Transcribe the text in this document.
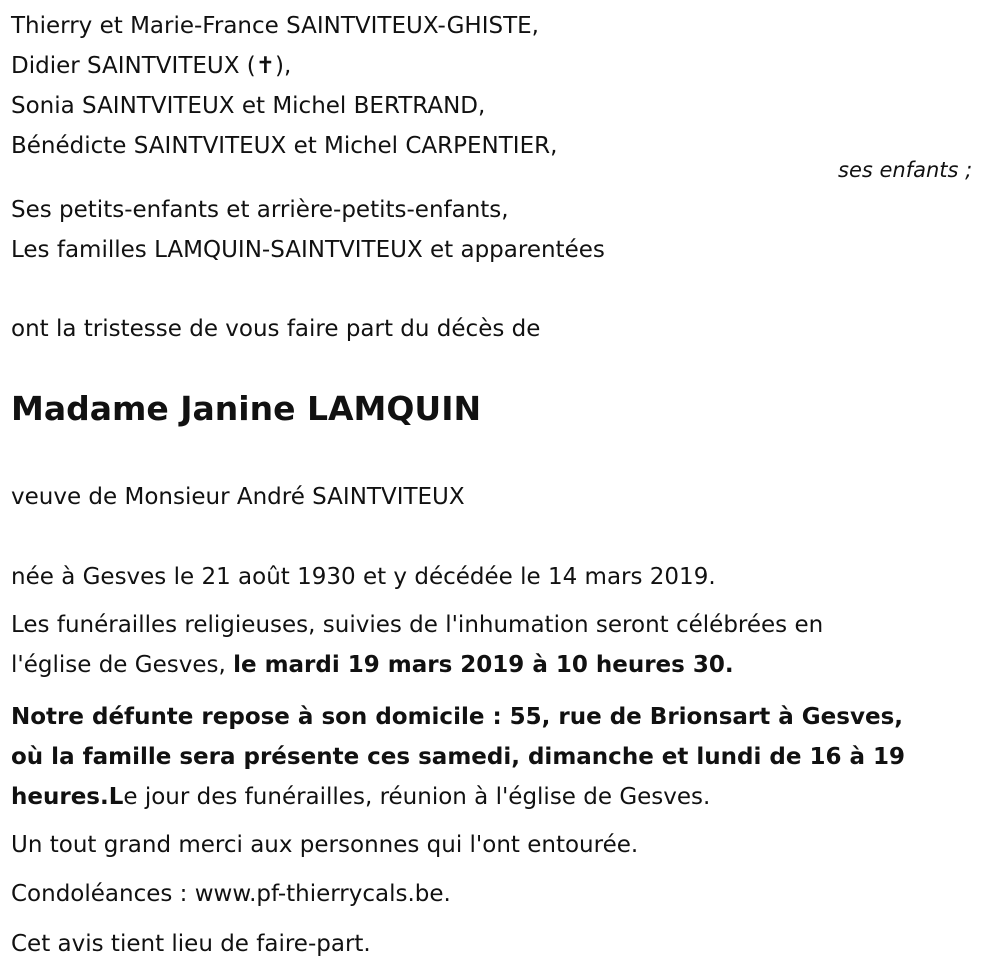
Thierry et Marie-France SAINTVITEUX-GHISTE,

Didier SAINTVITEUX (✝),

Sonia SAINTVITEUX et Michel BERTRAND,

Bénédicte SAINTVITEUX et Michel CARPENTIER,

ses enfants ;

Ses petits-enfants et arrière-petits-enfants,

Les familles LAMQUIN-SAINTVITEUX et apparentées

ont la tristesse de vous faire part du décès de

Madame Janine LAMQUIN

veuve de Monsieur André SAINTVITEUX

née à Gesves le 21 août 1930 et y décédée le 14 mars 2019.

Les funérailles religieuses, suivies de l'inhumation seront célébrées en

l'église de Gesves, le mardi 19 mars 2019 à 10 heures 30.

Notre défunte repose à son domicile : 55, rue de Brionsart à Gesves,

où la famille sera présente ces samedi, dimanche et lundi de 16 à 19

heures.Le jour des funérailles, réunion à l'église de Gesves.

Un tout grand merci aux personnes qui l'ont entourée.

Condoléances : www.pf-thierrycals.be.

Cet avis tient lieu de faire-part.
